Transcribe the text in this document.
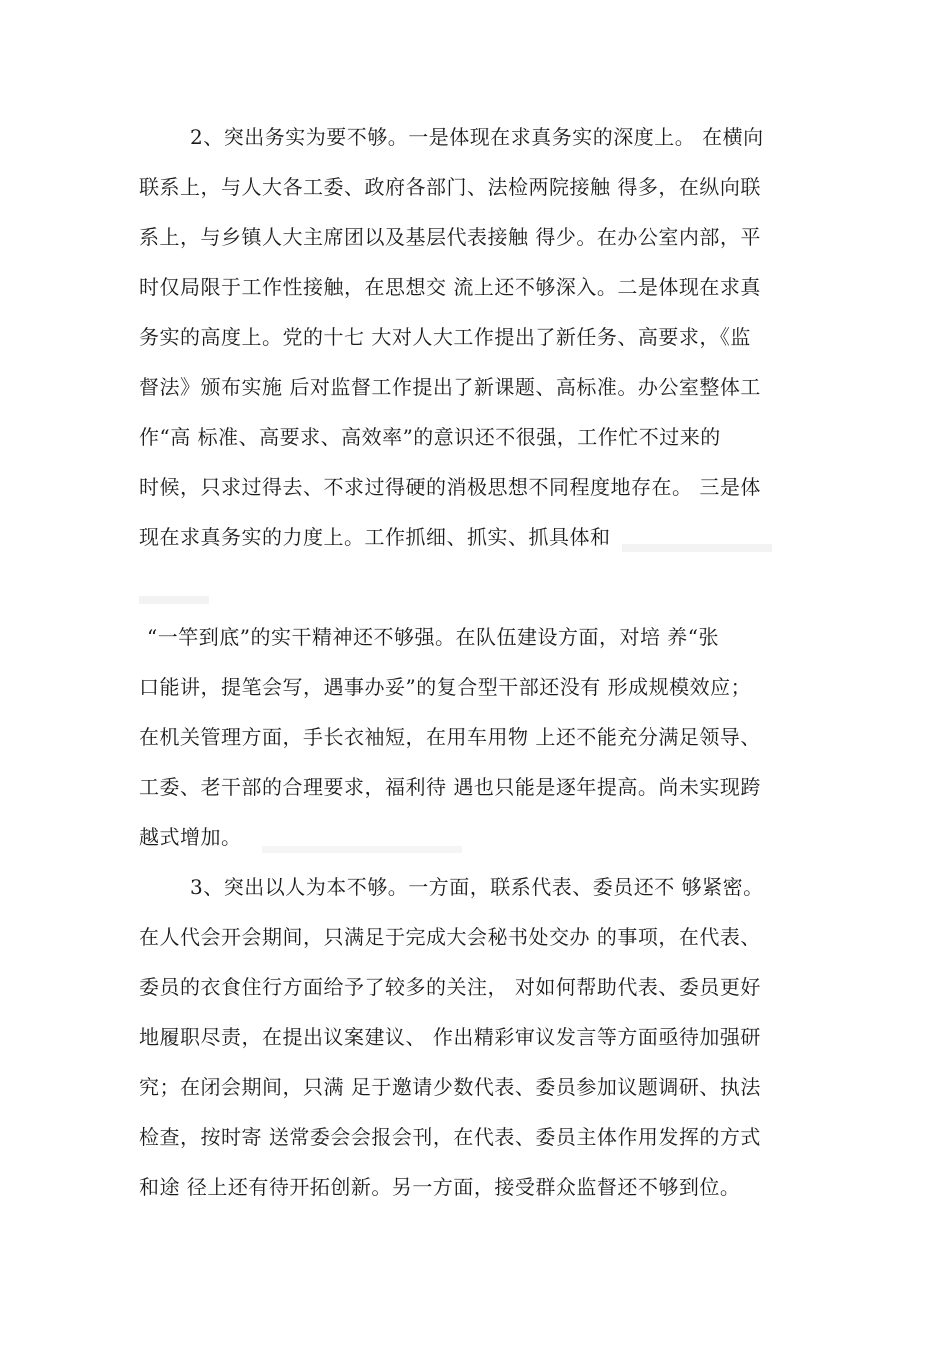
2、突出务实为要不够。一是体现在求真务实的深度上。 在横向
联系上，与人大各工委、政府各部门、法检两院接触 得多，在纵向联
系上，与乡镇人大主席团以及基层代表接触 得少。在办公室内部，平
时仅局限于工作性接触，在思想交 流上还不够深入。二是体现在求真
务实的高度上。党的十七 大对人大工作提出了新任务、高要求，《监
督法》颁布实施 后对监督工作提出了新课题、高标准。办公室整体工
作“高 标准、高要求、高效率”的意识还不很强，工作忙不过来的
时候，只求过得去、不求过得硬的消极思想不同程度地存在。 三是体
现在求真务实的力度上。工作抓细、抓实、抓具体和
“一竿到底”的实干精神还不够强。在队伍建设方面，对培 养“张
口能讲，提笔会写，遇事办妥”的复合型干部还没有 形成规模效应；
在机关管理方面，手长衣袖短，在用车用物 上还不能充分满足领导、
工委、老干部的合理要求，福利待 遇也只能是逐年提高。尚未实现跨
越式增加。
3、突出以人为本不够。一方面，联系代表、委员还不 够紧密。
在人代会开会期间，只满足于完成大会秘书处交办 的事项，在代表、
委员的衣食住行方面给予了较多的关注， 对如何帮助代表、委员更好
地履职尽责，在提出议案建议、 作出精彩审议发言等方面亟待加强研
究；在闭会期间，只满 足于邀请少数代表、委员参加议题调研、执法
检查，按时寄 送常委会会报会刊，在代表、委员主体作用发挥的方式
和途 径上还有待开拓创新。另一方面，接受群众监督还不够到位。
